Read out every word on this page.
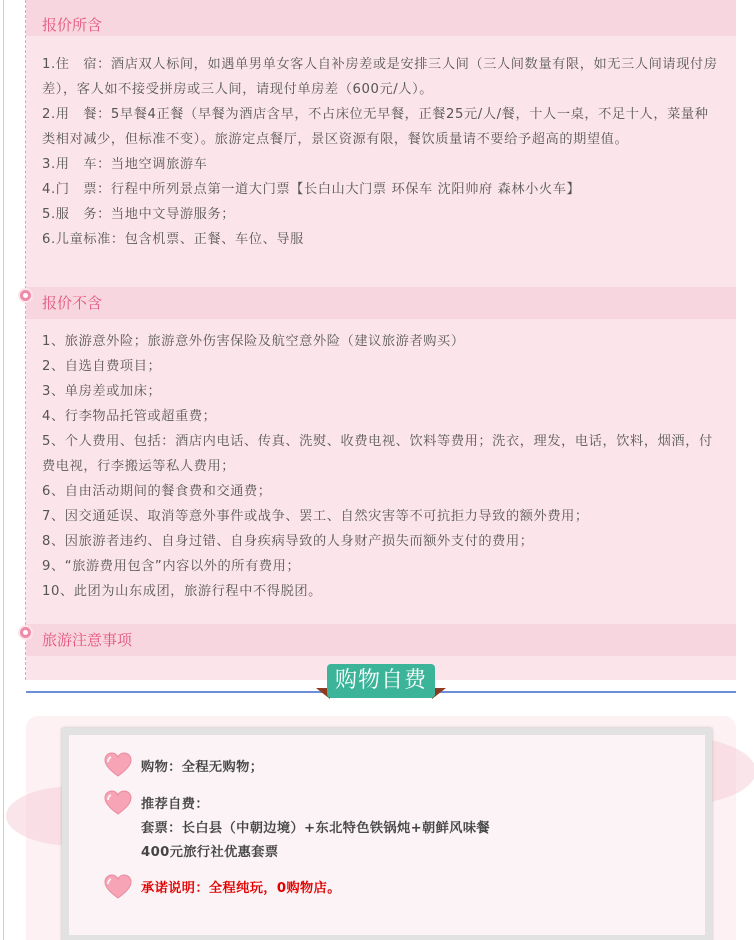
报价所含

1.住　宿：酒店双人标间，如遇单男单女客人自补房差或是安排三人间（三人间数量有限，如无三人间请现付房差），客人如不接受拼房或三人间，请现付单房差（600元/人）。

2.用　餐：5早餐4正餐（早餐为酒店含早，不占床位无早餐，正餐25元/人/餐，十人一桌，不足十人，菜量种类相对减少，但标准不变）。旅游定点餐厅，景区资源有限，餐饮质量请不要给予超高的期望值。

3.用　车：当地空调旅游车

4.门　票：行程中所列景点第一道大门票【长白山大门票 环保车 沈阳帅府 森林小火车】

5.服　务：当地中文导游服务；

6.儿童标准：包含机票、正餐、车位、导服

报价不含

1、旅游意外险；旅游意外伤害保险及航空意外险（建议旅游者购买）

2、自选自费项目；

3、单房差或加床；

4、行李物品托管或超重费；

5、个人费用、包括：酒店内电话、传真、洗熨、收费电视、饮料等费用；洗衣，理发，电话，饮料，烟酒，付费电视，行李搬运等私人费用；

6、自由活动期间的餐食费和交通费；

7、因交通延误、取消等意外事件或战争、罢工、自然灾害等不可抗拒力导致的额外费用；

8、因旅游者违约、自身过错、自身疾病导致的人身财产损失而额外支付的费用；

9、“旅游费用包含”内容以外的所有费用；

10、此团为山东成团，旅游行程中不得脱团。

旅游注意事项
购物自费
购物：全程无购物；
推荐自费：
套票：长白县（中朝边境）+东北特色铁锅炖+朝鲜风味餐
400元旅行社优惠套票
承诺说明：全程纯玩，0购物店。
